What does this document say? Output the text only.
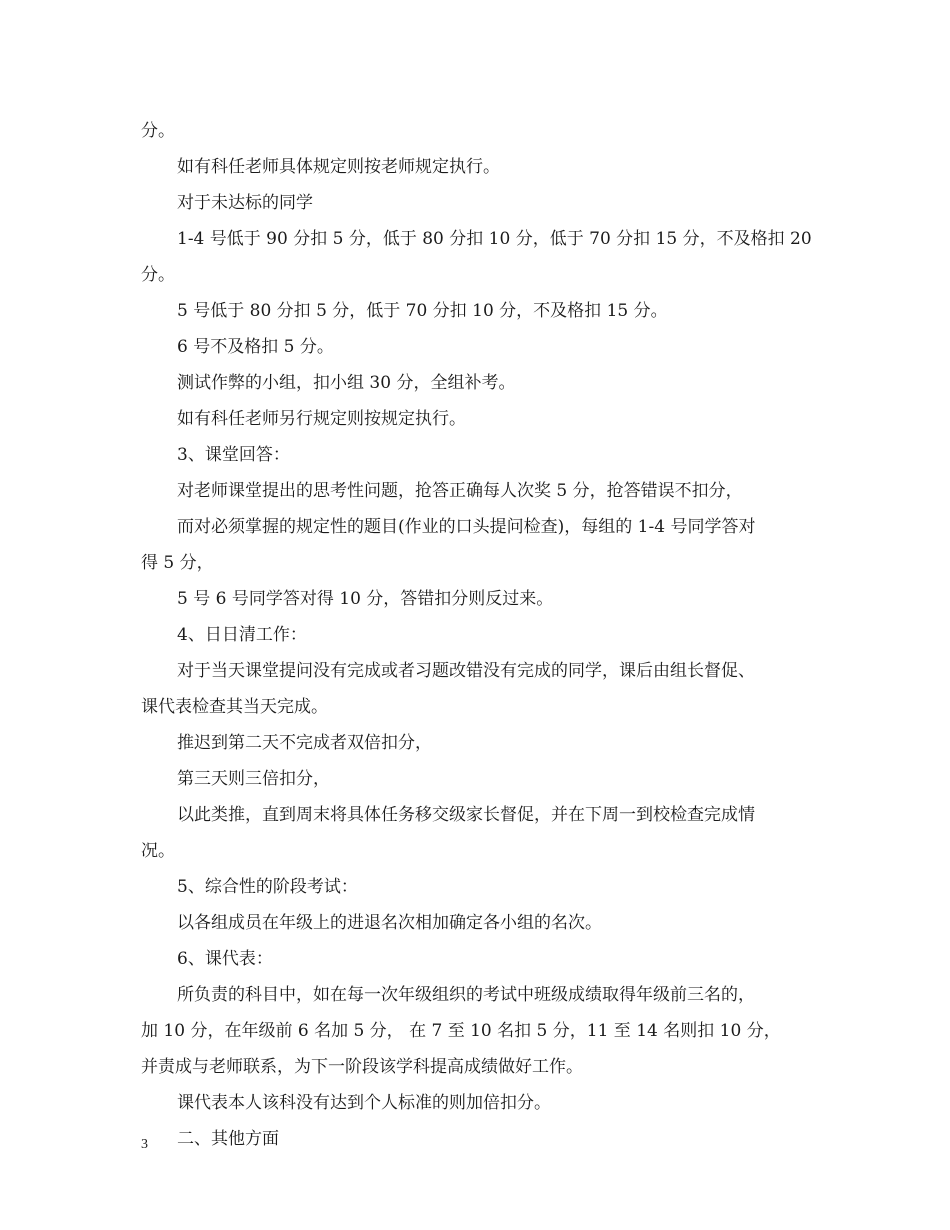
分。
如有科任老师具体规定则按老师规定执行。
对于未达标的同学
1-4 号低于 90 分扣 5 分，低于 80 分扣 10 分，低于 70 分扣 15 分，不及格扣 20
分。
5 号低于 80 分扣 5 分，低于 70 分扣 10 分，不及格扣 15 分。
6 号不及格扣 5 分。
测试作弊的小组，扣小组 30 分，全组补考。
如有科任老师另行规定则按规定执行。
3、课堂回答：
对老师课堂提出的思考性问题，抢答正确每人次奖 5 分，抢答错误不扣分，
而对必须掌握的规定性的题目(作业的口头提问检查)，每组的 1-4 号同学答对
得 5 分，
5 号 6 号同学答对得 10 分，答错扣分则反过来。
4、日日清工作：
对于当天课堂提问没有完成或者习题改错没有完成的同学，课后由组长督促、
课代表检查其当天完成。
推迟到第二天不完成者双倍扣分，
第三天则三倍扣分，
以此类推，直到周末将具体任务移交级家长督促，并在下周一到校检查完成情
况。
5、综合性的阶段考试：
以各组成员在年级上的进退名次相加确定各小组的名次。
6、课代表：
所负责的科目中，如在每一次年级组织的考试中班级成绩取得年级前三名的，
加 10 分，在年级前 6 名加 5 分， 在 7 至 10 名扣 5 分，11 至 14 名则扣 10 分，
并责成与老师联系，为下一阶段该学科提高成绩做好工作。
课代表本人该科没有达到个人标准的则加倍扣分。
二、其他方面
3
